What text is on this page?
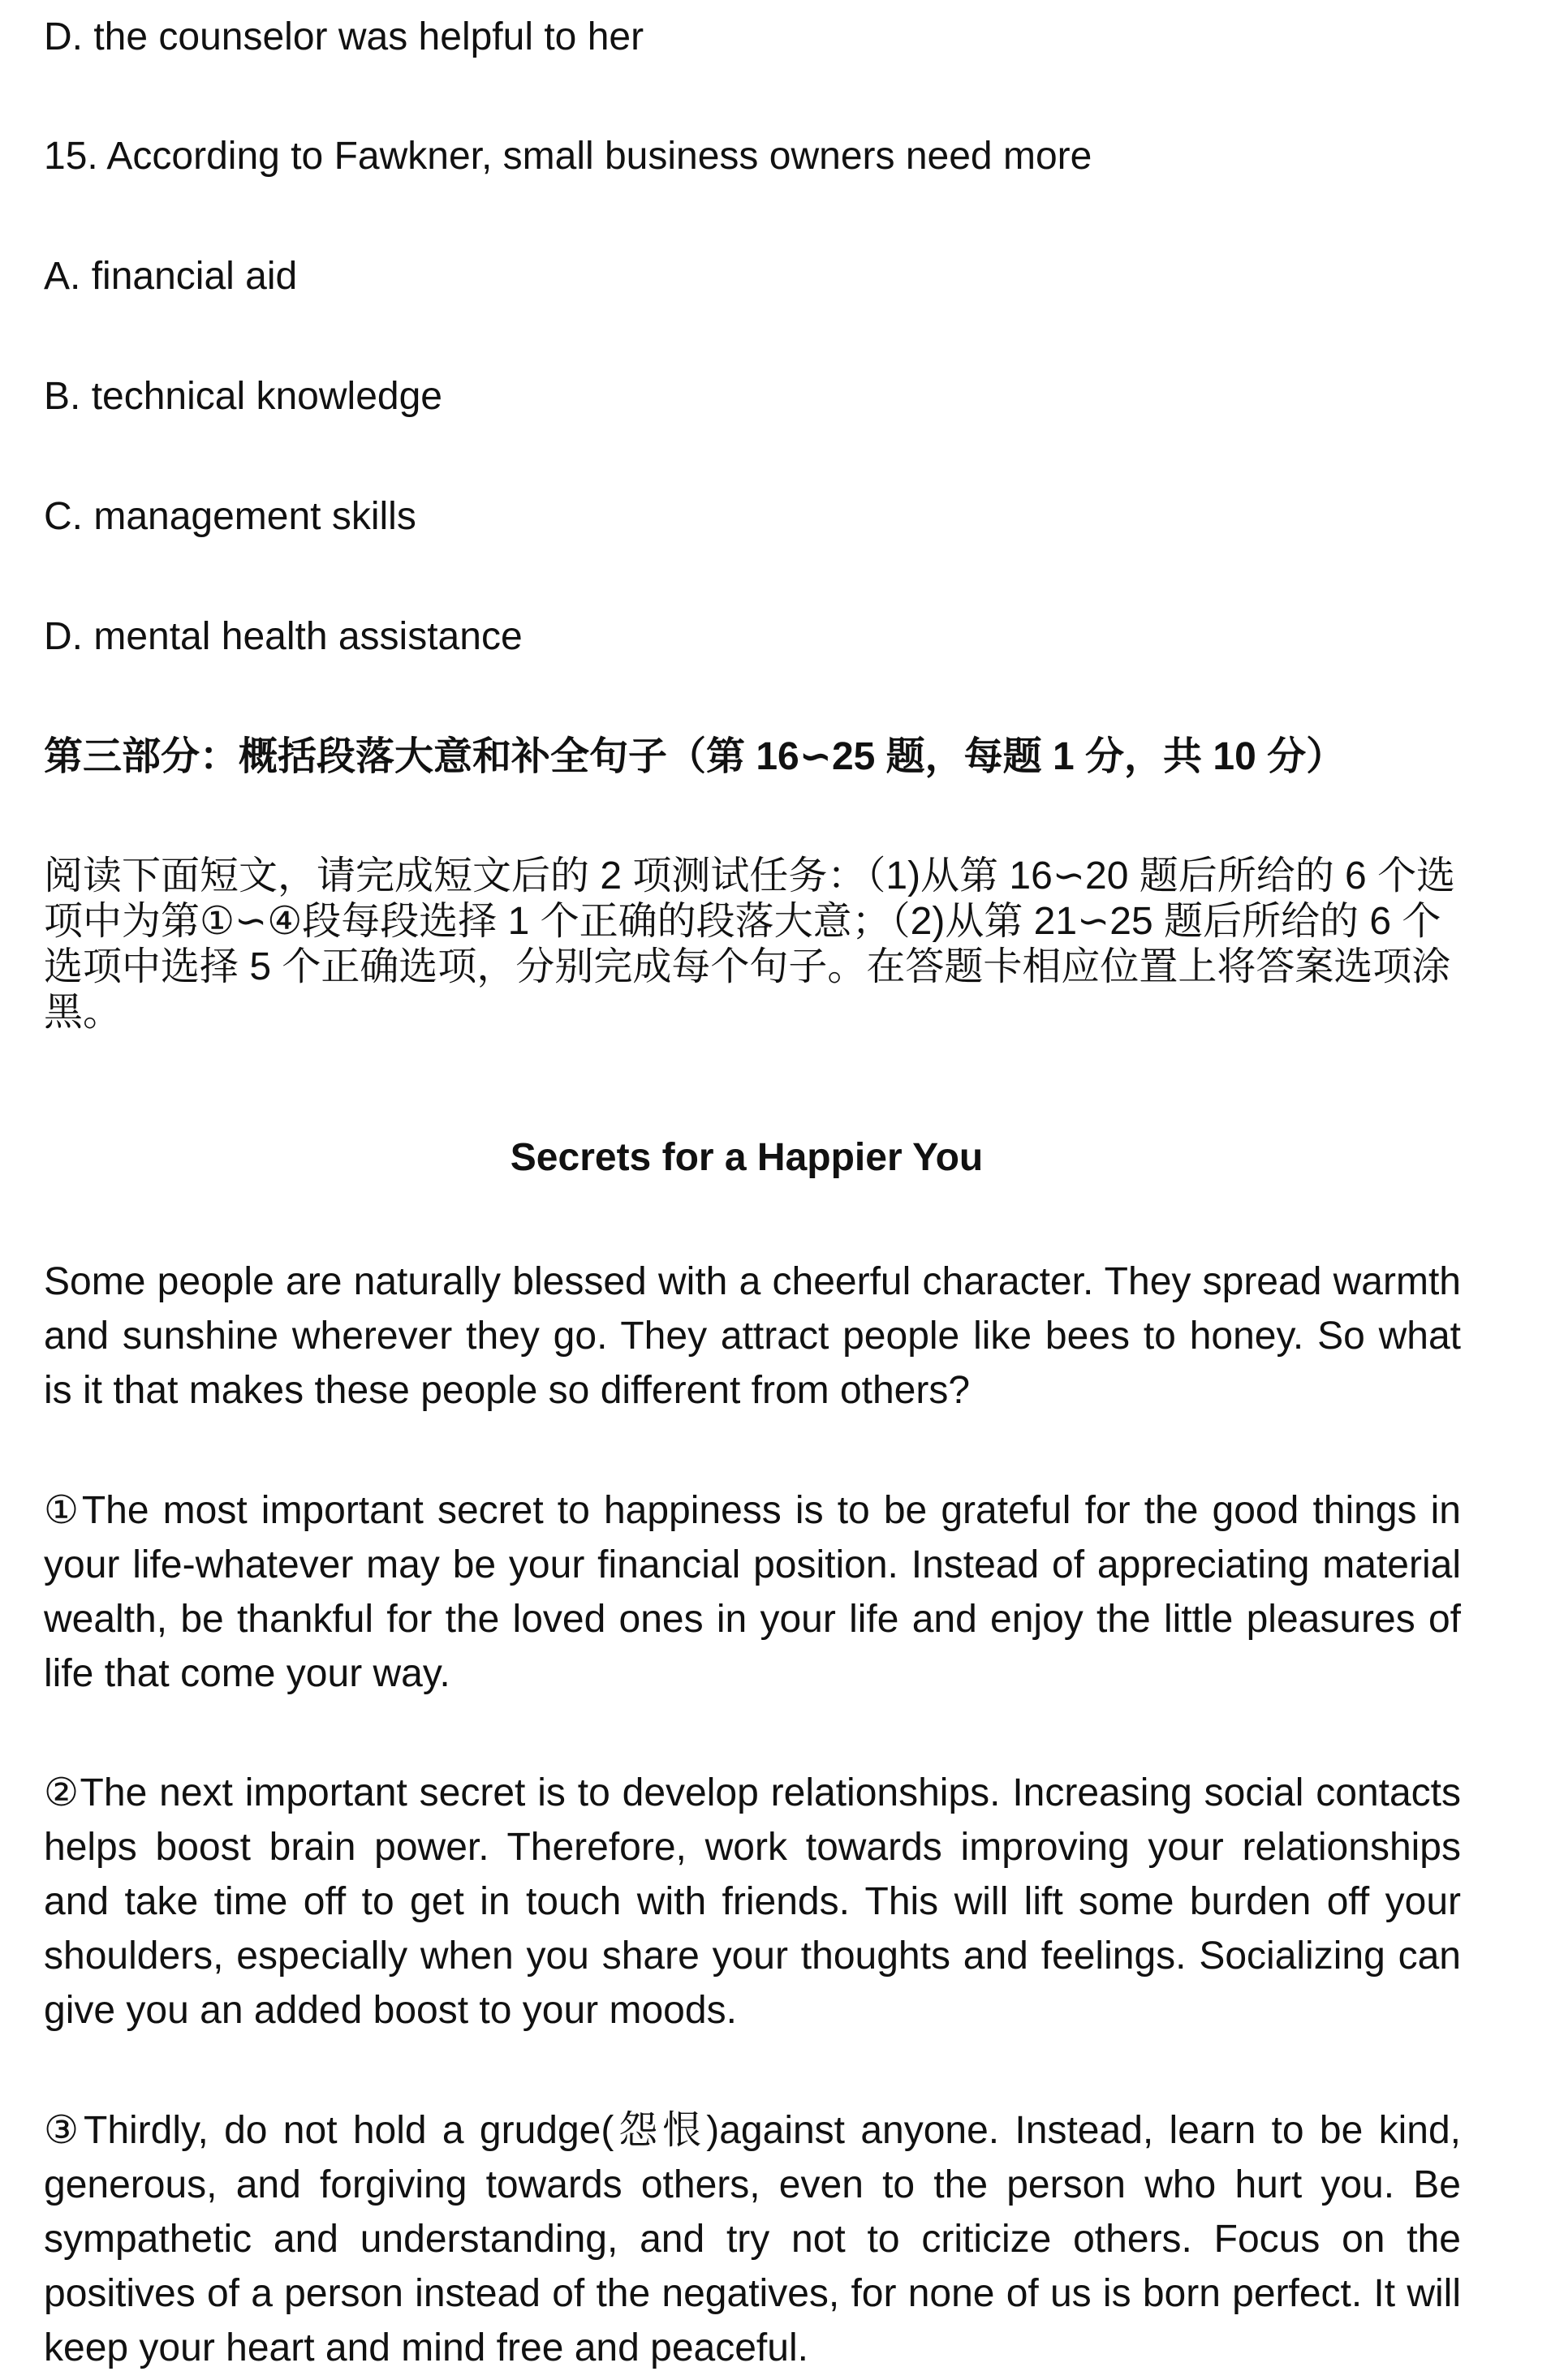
D. the counselor was helpful to her
15. According to Fawkner, small business owners need more
A. financial aid
B. technical knowledge
C. management skills
D. mental health assistance
第三部分：概括段落大意和补全句子（第 16∽25 题，每题 1 分，共 10 分）
阅读下面短文，请完成短文后的 2 项测试任务：（1)从第 16∽20 题后所给的 6 个选项中为第①∽④段每段选择 1 个正确的段落大意；（2)从第 21∽25 题后所给的 6 个选项中选择 5 个正确选项，分别完成每个句子。在答题卡相应位置上将答案选项涂黑。
Secrets for a Happier You
Some people are naturally blessed with a cheerful character. They spread warmth and sunshine wherever they go. They attract people like bees to honey. So what is it that makes these people so different from others?
①The most important secret to happiness is to be grateful for the good things in your life-whatever may be your financial position. Instead of appreciating material wealth, be thankful for the loved ones in your life and enjoy the little pleasures of life that come your way.
②The next important secret is to develop relationships. Increasing social contacts helps boost brain power. Therefore, work towards improving your relationships and take time off to get in touch with friends. This will lift some burden off your shoulders, especially when you share your thoughts and feelings. Socializing can give you an added boost to your moods.
③Thirdly, do not hold a grudge(怨恨)against anyone. Instead, learn to be kind, generous, and forgiving towards others, even to the person who hurt you. Be sympathetic and understanding, and try not to criticize others. Focus on the positives of a person instead of the negatives, for none of us is born perfect. It will keep your heart and mind free and peaceful.
